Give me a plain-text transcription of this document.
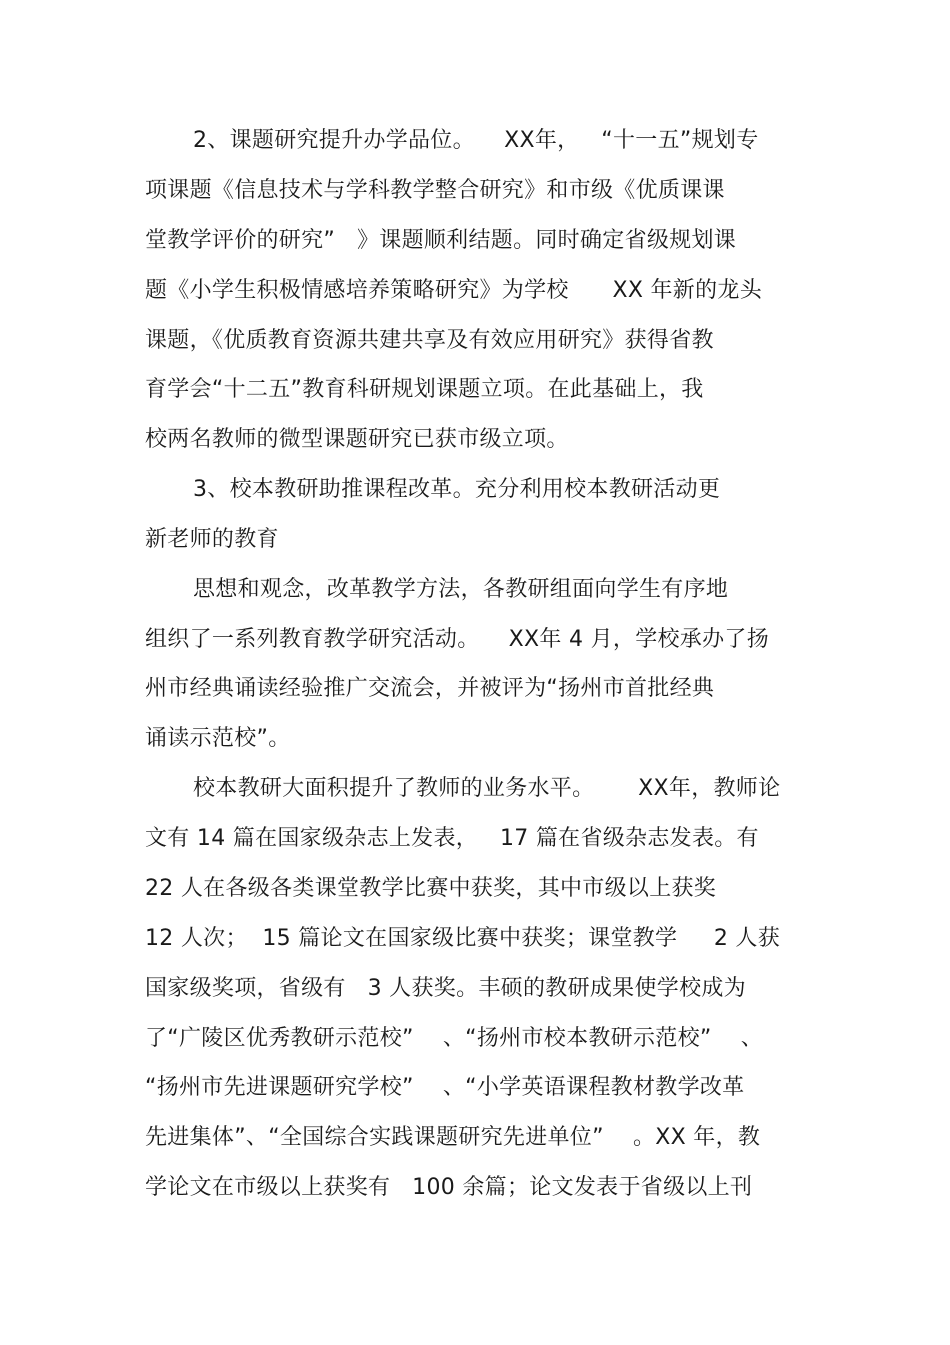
2、课题研究提升办学品位。    XX年，   “十一五”规划专
项课题《信息技术与学科教学整合研究》和市级《优质课课
堂教学评价的研究”   》课题顺利结题。同时确定省级规划课
题《小学生积极情感培养策略研究》为学校      XX 年新的龙头
课题，《优质教育资源共建共享及有效应用研究》获得省教
育学会“十二五”教育科研规划课题立项。在此基础上，我
校两名教师的微型课题研究已获市级立项。
3、校本教研助推课程改革。充分利用校本教研活动更
新老师的教育
思想和观念，改革教学方法，各教研组面向学生有序地
组织了一系列教育教学研究活动。    XX年 4 月，学校承办了扬
州市经典诵读经验推广交流会，并被评为“扬州市首批经典
诵读示范校”。
校本教研大面积提升了教师的业务水平。      XX年，教师论
文有 14 篇在国家级杂志上发表，   17 篇在省级杂志发表。有
22 人在各级各类课堂教学比赛中获奖，其中市级以上获奖
12 人次；  15 篇论文在国家级比赛中获奖；课堂教学     2 人获
国家级奖项，省级有   3 人获奖。丰硕的教研成果使学校成为
了“广陵区优秀教研示范校”    、“扬州市校本教研示范校”    、
“扬州市先进课题研究学校”    、“小学英语课程教材教学改革
先进集体”、“全国综合实践课题研究先进单位”    。XX 年，教
学论文在市级以上获奖有   100 余篇；论文发表于省级以上刊
